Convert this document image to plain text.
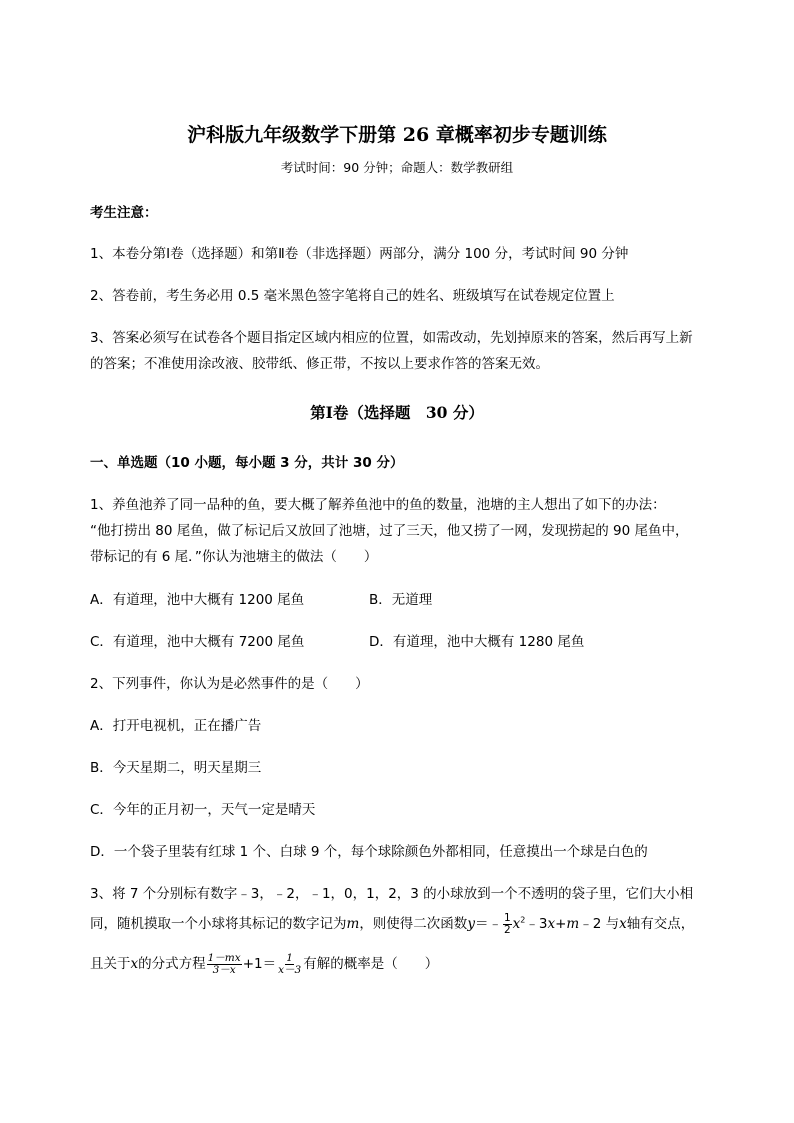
沪科版九年级数学下册第 26 章概率初步专题训练
考试时间：90 分钟；命题人：数学教研组
考生注意：
1、本卷分第Ⅰ卷（选择题）和第Ⅱ卷（非选择题）两部分，满分 100 分，考试时间 90 分钟
2、答卷前，考生务必用 0.5 毫米黑色签字笔将自己的姓名、班级填写在试卷规定位置上
3、答案必须写在试卷各个题目指定区域内相应的位置，如需改动，先划掉原来的答案，然后再写上新
的答案；不准使用涂改液、胶带纸、修正带，不按以上要求作答的答案无效。
第Ⅰ卷（选择题　30 分）
一、单选题（10 小题，每小题 3 分，共计 30 分）
1、养鱼池养了同一品种的鱼，要大概了解养鱼池中的鱼的数量，池塘的主人想出了如下的办法：
“他打捞出 80 尾鱼，做了标记后又放回了池塘，过了三天，他又捞了一网，发现捞起的 90 尾鱼中，
带标记的有 6 尾．”你认为池塘主的做法（　　）
A．有道理，池中大概有 1200 尾鱼	B．无道理
C．有道理，池中大概有 7200 尾鱼	D．有道理，池中大概有 1280 尾鱼
2、下列事件，你认为是必然事件的是（　　）
A．打开电视机，正在播广告
B．今天星期二，明天星期三
C．今年的正月初一，天气一定是晴天
D．一个袋子里装有红球 1 个、白球 9 个，每个球除颜色外都相同，任意摸出一个球是白色的
3、将 7 个分别标有数字﹣3，﹣2，﹣1，0，1，2，3 的小球放到一个不透明的袋子里，它们大小相
同，随机摸取一个小球将其标记的数字记为m，则使得二次函数y＝﹣ $\frac{1}{2}$ $x^2﹣3x+m﹣2$ 与x轴有交点，
且关于x的分式方程 $\frac{1-mx}{3-x} +1= \frac{1}{x-3}$ 有解的概率是（　　）
